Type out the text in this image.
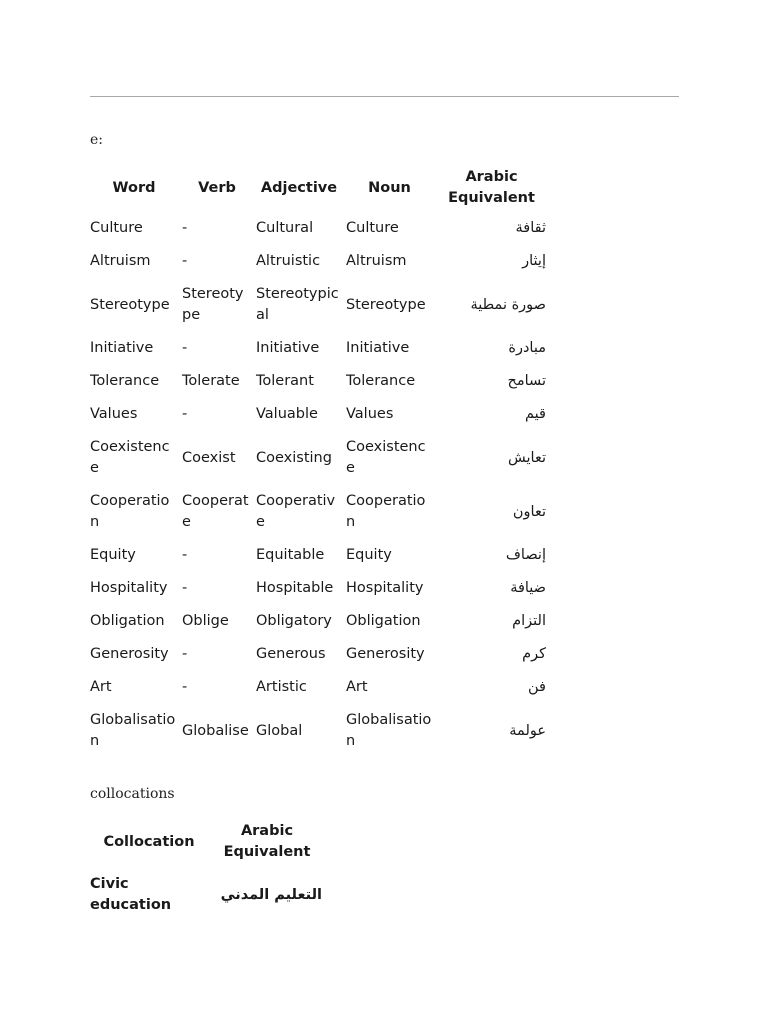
e:
Word	Verb	Adjective	Noun	Arabic Equivalent
Culture	-	Cultural	Culture	ثقافة
Altruism	-	Altruistic	Altruism	إيثار
Stereotype	Stereotype	Stereotypical	Stereotype	صورة نمطية
Initiative	-	Initiative	Initiative	مبادرة
Tolerance	Tolerate	Tolerant	Tolerance	تسامح
Values	-	Valuable	Values	قيم
Coexistence	Coexist	Coexisting	Coexistence	تعايش
Cooperation	Cooperate	Cooperative	Cooperation	تعاون
Equity	-	Equitable	Equity	إنصاف
Hospitality	-	Hospitable	Hospitality	ضيافة
Obligation	Oblige	Obligatory	Obligation	التزام
Generosity	-	Generous	Generosity	كرم
Art	-	Artistic	Art	فن
Globalisation	Globalise	Global	Globalisation	عولمة
collocations
Collocation	Arabic Equivalent
Civic education	التعليم المدني
